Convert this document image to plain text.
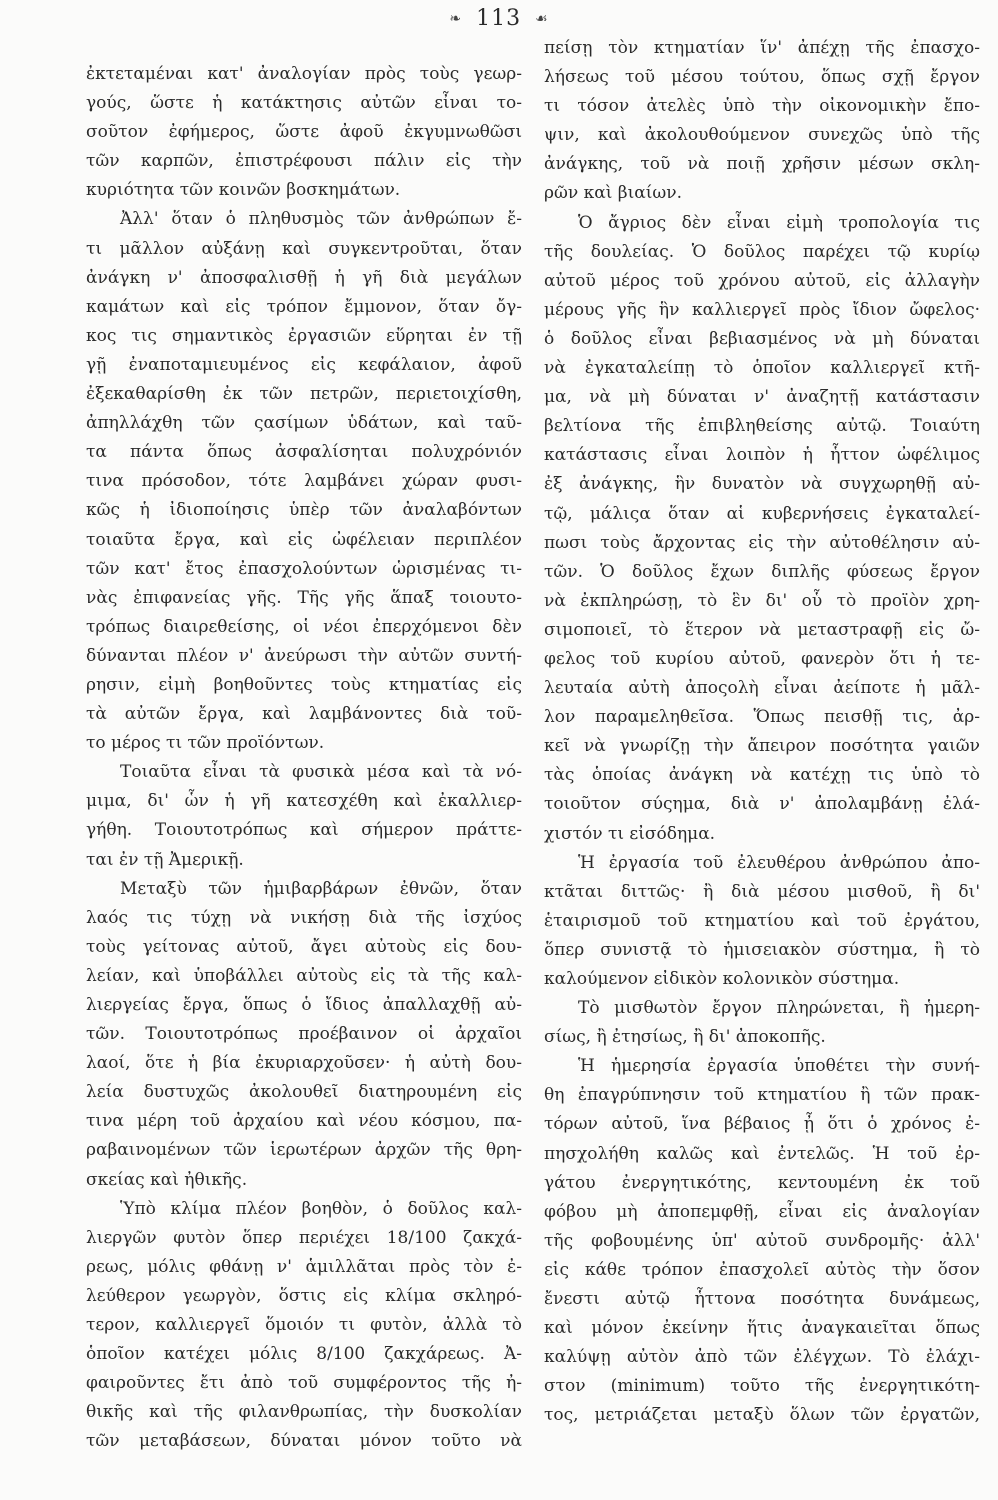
❧ 113 ☙
ἐκτεταμέναι κατ' ἀναλογίαν πρὸς τοὺς γεωρ-
γούς, ὥστε ἡ κατάκτησις αὐτῶν εἶναι το-
σοῦτον ἐφήμερος, ὥστε ἀφοῦ ἐκγυμνωθῶσι
τῶν καρπῶν, ἐπιστρέφουσι πάλιν εἰς τὴν
κυριότητα τῶν κοινῶν βοσκημάτων.
Ἀλλ' ὅταν ὁ πληθυσμὸς τῶν ἀνθρώπων ἔ-
τι μᾶλλον αὐξάνῃ καὶ συγκεντροῦται, ὅταν
ἀνάγκη ν' ἀποσφαλισθῇ ἡ γῆ διὰ μεγάλων
καμάτων καὶ εἰς τρόπον ἔμμονον, ὅταν ὄγ-
κος τις σημαντικὸς ἐργασιῶν εὕρηται ἐν τῇ
γῇ ἐναποταμιευμένος εἰς κεφάλαιον, ἀφοῦ
ἐξεκαθαρίσθη ἐκ τῶν πετρῶν, περιετοιχίσθη,
ἀπηλλάχθη τῶν ςασίμων ὑδάτων, καὶ ταῦ-
τα πάντα ὅπως ἀσφαλίσηται πολυχρόνιόν
τινα πρόσοδον, τότε λαμβάνει χώραν φυσι-
κῶς ἡ ἰδιοποίησις ὑπὲρ τῶν ἀναλαβόντων
τοιαῦτα ἔργα, καὶ εἰς ὠφέλειαν περιπλέον
τῶν κατ' ἔτος ἐπασχολούντων ὡρισμένας τι-
νὰς ἐπιφανείας γῆς. Τῆς γῆς ἅπαξ τοιουτο-
τρόπως διαιρεθείσης, οἱ νέοι ἐπερχόμενοι δὲν
δύνανται πλέον ν' ἀνεύρωσι τὴν αὐτῶν συντή-
ρησιν, εἰμὴ βοηθοῦντες τοὺς κτηματίας εἰς
τὰ αὐτῶν ἔργα, καὶ λαμβάνοντες διὰ τοῦ-
το μέρος τι τῶν προϊόντων.
Τοιαῦτα εἶναι τὰ φυσικὰ μέσα καὶ τὰ νό-
μιμα, δι' ὧν ἡ γῆ κατεσχέθη καὶ ἐκαλλιερ-
γήθη. Τοιουτοτρόπως καὶ σήμερον πράττε-
ται ἐν τῇ Ἀμερικῇ.
Μεταξὺ τῶν ἡμιβαρβάρων ἐθνῶν, ὅταν
λαός τις τύχῃ νὰ νικήσῃ διὰ τῆς ἰσχύος
τοὺς γείτονας αὐτοῦ, ἄγει αὐτοὺς εἰς δου-
λείαν, καὶ ὑποβάλλει αὐτοὺς εἰς τὰ τῆς καλ-
λιεργείας ἔργα, ὅπως ὁ ἴδιος ἀπαλλαχθῇ αὐ-
τῶν. Τοιουτοτρόπως προέβαινον οἱ ἀρχαῖοι
λαοί, ὅτε ἡ βία ἐκυριαρχοῦσεν· ἡ αὐτὴ δου-
λεία δυστυχῶς ἀκολουθεῖ διατηρουμένη εἰς
τινα μέρη τοῦ ἀρχαίου καὶ νέου κόσμου, πα-
ραβαινομένων τῶν ἱερωτέρων ἀρχῶν τῆς θρη-
σκείας καὶ ἠθικῆς.
Ὑπὸ κλίμα πλέον βοηθὸν, ὁ δοῦλος καλ-
λιεργῶν φυτὸν ὅπερ περιέχει 18/100 ζακχά-
ρεως, μόλις φθάνῃ ν' ἁμιλλᾶται πρὸς τὸν ἐ-
λεύθερον γεωργὸν, ὅστις εἰς κλίμα σκληρό-
τερον, καλλιεργεῖ ὅμοιόν τι φυτὸν, ἀλλὰ τὸ
ὁποῖον κατέχει μόλις 8/100 ζακχάρεως. Ἀ-
φαιροῦντες ἔτι ἀπὸ τοῦ συμφέροντος τῆς ἠ-
θικῆς καὶ τῆς φιλανθρωπίας, τὴν δυσκολίαν
τῶν μεταβάσεων, δύναται μόνον τοῦτο νὰ
πείσῃ τὸν κτηματίαν ἵν' ἀπέχῃ τῆς ἐπασχο-
λήσεως τοῦ μέσου τούτου, ὅπως σχῇ ἔργον
τι τόσον ἀτελὲς ὑπὸ τὴν οἰκονομικὴν ἔπο-
ψιν, καὶ ἀκολουθούμενον συνεχῶς ὑπὸ τῆς
ἀνάγκης, τοῦ νὰ ποιῇ χρῆσιν μέσων σκλη-
ρῶν καὶ βιαίων.
Ὁ ἄγριος δὲν εἶναι εἰμὴ τροπολογία τις
τῆς δουλείας. Ὁ δοῦλος παρέχει τῷ κυρίῳ
αὐτοῦ μέρος τοῦ χρόνου αὐτοῦ, εἰς ἀλλαγὴν
μέρους γῆς ἣν καλλιεργεῖ πρὸς ἴδιον ὤφελος·
ὁ δοῦλος εἶναι βεβιασμένος νὰ μὴ δύναται
νὰ ἐγκαταλείπῃ τὸ ὁποῖον καλλιεργεῖ κτῆ-
μα, νὰ μὴ δύναται ν' ἀναζητῇ κατάστασιν
βελτίονα τῆς ἐπιβληθείσης αὐτῷ. Τοιαύτη
κατάστασις εἶναι λοιπὸν ἡ ἧττον ὠφέλιμος
ἐξ ἀνάγκης, ἣν δυνατὸν νὰ συγχωρηθῇ αὐ-
τῷ, μάλιςα ὅταν αἱ κυβερνήσεις ἐγκαταλεί-
πωσι τοὺς ἄρχοντας εἰς τὴν αὐτοθέλησιν αὐ-
τῶν. Ὁ δοῦλος ἔχων διπλῆς φύσεως ἔργον
νὰ ἐκπληρώσῃ, τὸ ἓν δι' οὗ τὸ προϊὸν χρη-
σιμοποιεῖ, τὸ ἕτερον νὰ μεταστραφῇ εἰς ὤ-
φελος τοῦ κυρίου αὐτοῦ, φανερὸν ὅτι ἡ τε-
λευταία αὐτὴ ἀποςολὴ εἶναι ἀείποτε ἡ μᾶλ-
λον παραμεληθεῖσα. Ὅπως πεισθῇ τις, ἀρ-
κεῖ νὰ γνωρίζῃ τὴν ἄπειρον ποσότητα γαιῶν
τὰς ὁποίας ἀνάγκη νὰ κατέχῃ τις ὑπὸ τὸ
τοιοῦτον σύςημα, διὰ ν' ἀπολαμβάνῃ ἐλά-
χιστόν τι εἰσόδημα.
Ἡ ἐργασία τοῦ ἐλευθέρου ἀνθρώπου ἀπο-
κτᾶται διττῶς· ἢ διὰ μέσου μισθοῦ, ἢ δι'
ἑταιρισμοῦ τοῦ κτηματίου καὶ τοῦ ἐργάτου,
ὅπερ συνιστᾷ τὸ ἡμισειακὸν σύστημα, ἢ τὸ
καλούμενον εἰδικὸν κολονικὸν σύστημα.
Τὸ μισθωτὸν ἔργον πληρώνεται, ἢ ἡμερη-
σίως, ἢ ἐτησίως, ἢ δι' ἀποκοπῆς.
Ἡ ἡμερησία ἐργασία ὑποθέτει τὴν συνή-
θη ἐπαγρύπνησιν τοῦ κτηματίου ἢ τῶν πρακ-
τόρων αὐτοῦ, ἵνα βέβαιος ᾖ ὅτι ὁ χρόνος ἐ-
πησχολήθη καλῶς καὶ ἐντελῶς. Ἡ τοῦ ἐρ-
γάτου ἐνεργητικότης, κεντουμένη ἐκ τοῦ
φόβου μὴ ἀποπεμφθῇ, εἶναι εἰς ἀναλογίαν
τῆς φοβουμένης ὑπ' αὐτοῦ συνδρομῆς· ἀλλ'
εἰς κάθε τρόπον ἐπασχολεῖ αὐτὸς τὴν ὅσον
ἔνεστι αὐτῷ ἧττονα ποσότητα δυνάμεως,
καὶ μόνον ἐκείνην ἥτις ἀναγκαιεῖται ὅπως
καλύψῃ αὐτὸν ἀπὸ τῶν ἐλέγχων. Τὸ ἐλάχι-
στον (minimum) τοῦτο τῆς ἐνεργητικότη-
τος, μετριάζεται μεταξὺ ὅλων τῶν ἐργατῶν,
